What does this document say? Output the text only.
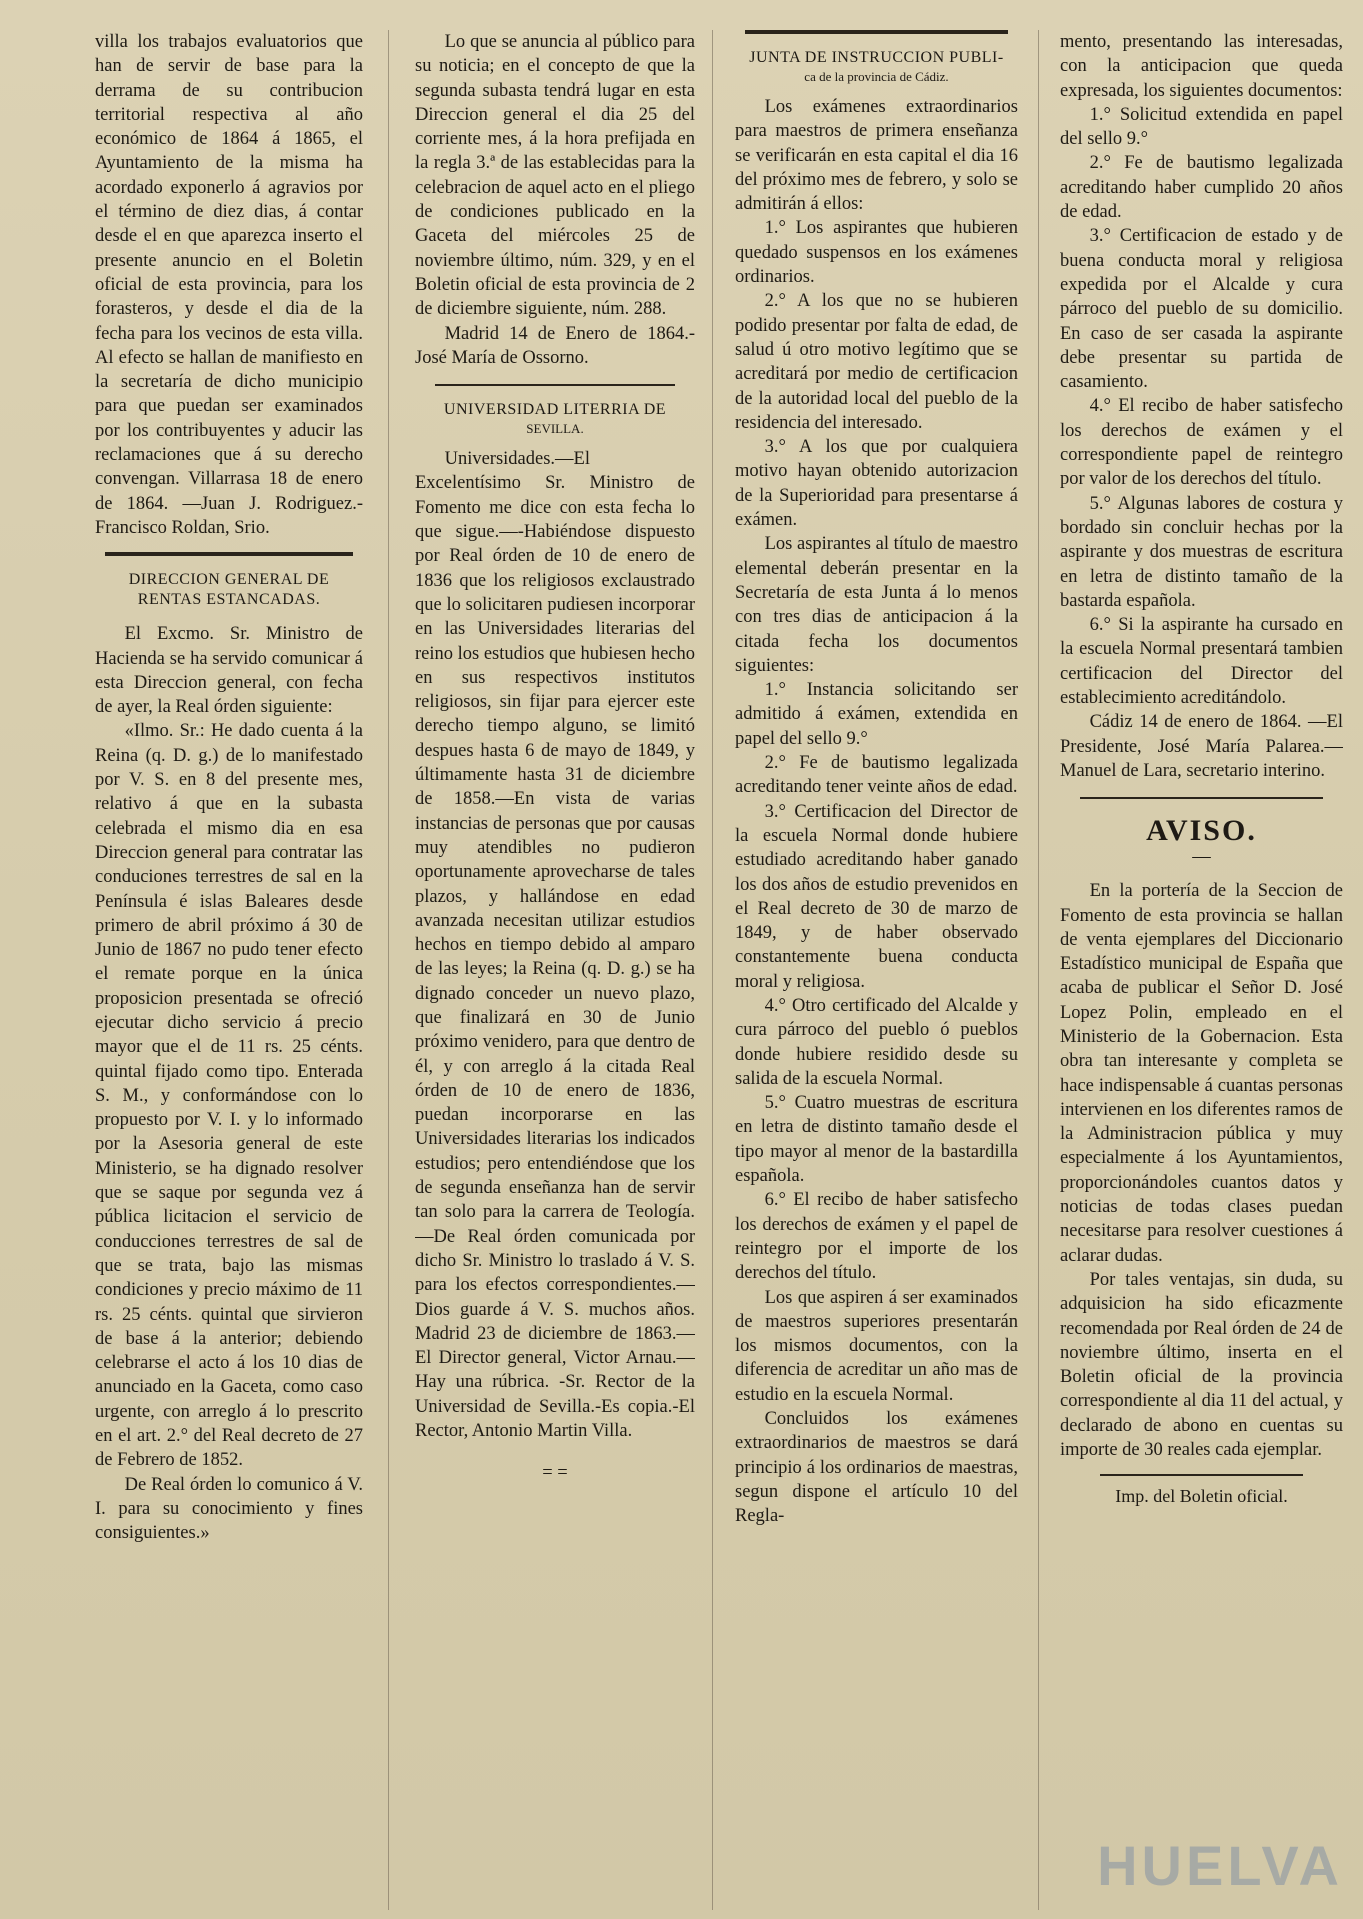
villa los trabajos evaluatorios que han de servir de base para la derrama de su contribucion territorial respectiva al año económico de 1864 á 1865, el Ayuntamiento de la misma ha acordado exponerlo á agravios por el término de diez dias, á contar desde el en que aparezca inserto el presente anuncio en el Boletin oficial de esta provincia, para los forasteros, y desde el dia de la fecha para los vecinos de esta villa. Al efecto se hallan de manifiesto en la secretaría de dicho municipio para que puedan ser examinados por los contribuyentes y aducir las reclamaciones que á su derecho convengan. Villarrasa 18 de enero de 1864. —Juan J. Rodriguez.-Francisco Roldan, Srio.

DIRECCION GENERAL DE RENTAS ESTANCADAS.

El Excmo. Sr. Ministro de Hacienda se ha servido comunicar á esta Direccion general, con fecha de ayer, la Real órden siguiente:

«Ilmo. Sr.: He dado cuenta á la Reina (q. D. g.) de lo manifestado por V. S. en 8 del presente mes, relativo á que en la subasta celebrada el mismo dia en esa Direccion general para contratar las conduciones terrestres de sal en la Península é islas Baleares desde primero de abril próximo á 30 de Junio de 1867 no pudo tener efecto el remate porque en la única proposicion presentada se ofreció ejecutar dicho servicio á precio mayor que el de 11 rs. 25 cénts. quintal fijado como tipo. Enterada S. M., y conformándose con lo propuesto por V. I. y lo informado por la Asesoria general de este Ministerio, se ha dignado resolver que se saque por segunda vez á pública licitacion el servicio de conducciones terrestres de sal de que se trata, bajo las mismas condiciones y precio máximo de 11 rs. 25 cénts. quintal que sirvieron de base á la anterior; debiendo celebrarse el acto á los 10 dias de anunciado en la Gaceta, como caso urgente, con arreglo á lo prescrito en el art. 2.° del Real decreto de 27 de Febrero de 1852.

De Real órden lo comunico á V. I. para su conocimiento y fines consiguientes.»

Lo que se anuncia al público para su noticia; en el concepto de que la segunda subasta tendrá lugar en esta Direccion general el dia 25 del corriente mes, á la hora prefijada en la regla 3.ª de las establecidas para la celebracion de aquel acto en el pliego de condiciones publicado en la Gaceta del miércoles 25 de noviembre último, núm. 329, y en el Boletin oficial de esta provincia de 2 de diciembre siguiente, núm. 288.

Madrid 14 de Enero de 1864.-José María de Ossorno.

UNIVERSIDAD LITERRIA DE
SEVILLA.

Universidades.—El Excelentísimo Sr. Ministro de Fomento me dice con esta fecha lo que sigue.—-Habiéndose dispuesto por Real órden de 10 de enero de 1836 que los religiosos exclaustrado que lo solicitaren pudiesen incorporar en las Universidades literarias del reino los estudios que hubiesen hecho en sus respectivos institutos religiosos, sin fijar para ejercer este derecho tiempo alguno, se limitó despues hasta 6 de mayo de 1849, y últimamente hasta 31 de diciembre de 1858.—En vista de varias instancias de personas que por causas muy atendibles no pudieron oportunamente aprovecharse de tales plazos, y hallándose en edad avanzada necesitan utilizar estudios hechos en tiempo debido al amparo de las leyes; la Reina (q. D. g.) se ha dignado conceder un nuevo plazo, que finalizará en 30 de Junio próximo venidero, para que dentro de él, y con arreglo á la citada Real órden de 10 de enero de 1836, puedan incorporarse en las Universidades literarias los indicados estudios; pero entendiéndose que los de segunda enseñanza han de servir tan solo para la carrera de Teología.—De Real órden comunicada por dicho Sr. Ministro lo traslado á V. S. para los efectos correspondientes.—Dios guarde á V. S. muchos años. Madrid 23 de diciembre de 1863.—El Director general, Victor Arnau.—Hay una rúbrica. -Sr. Rector de la Universidad de Sevilla.-Es copia.-El Rector, Antonio Martin Villa.

= =
JUNTA DE INSTRUCCION PUBLI-
ca de la provincia de Cádiz.

Los exámenes extraordinarios para maestros de primera enseñanza se verificarán en esta capital el dia 16 del próximo mes de febrero, y solo se admitirán á ellos:

1.° Los aspirantes que hubieren quedado suspensos en los exámenes ordinarios.

2.° A los que no se hubieren podido presentar por falta de edad, de salud ú otro motivo legítimo que se acreditará por medio de certificacion de la autoridad local del pueblo de la residencia del interesado.

3.° A los que por cualquiera motivo hayan obtenido autorizacion de la Superioridad para presentarse á exámen.

Los aspirantes al título de maestro elemental deberán presentar en la Secretaría de esta Junta á lo menos con tres dias de anticipacion á la citada fecha los documentos siguientes:

1.° Instancia solicitando ser admitido á exámen, extendida en papel del sello 9.°

2.° Fe de bautismo legalizada acreditando tener veinte años de edad.

3.° Certificacion del Director de la escuela Normal donde hubiere estudiado acreditando haber ganado los dos años de estudio prevenidos en el Real decreto de 30 de marzo de 1849, y de haber observado constantemente buena conducta moral y religiosa.

4.° Otro certificado del Alcalde y cura párroco del pueblo ó pueblos donde hubiere residido desde su salida de la escuela Normal.

5.° Cuatro muestras de escritura en letra de distinto tamaño desde el tipo mayor al menor de la bastardilla española.

6.° El recibo de haber satisfecho los derechos de exámen y el papel de reintegro por el importe de los derechos del título.

Los que aspiren á ser examinados de maestros superiores presentarán los mismos documentos, con la diferencia de acreditar un año mas de estudio en la escuela Normal.

Concluidos los exámenes extraordinarios de maestros se dará principio á los ordinarios de maestras, segun dispone el artículo 10 del Regla-

mento, presentando las interesadas, con la anticipacion que queda expresada, los siguientes documentos:

1.° Solicitud extendida en papel del sello 9.°

2.° Fe de bautismo legalizada acreditando haber cumplido 20 años de edad.

3.° Certificacion de estado y de buena conducta moral y religiosa expedida por el Alcalde y cura párroco del pueblo de su domicilio. En caso de ser casada la aspirante debe presentar su partida de casamiento.

4.° El recibo de haber satisfecho los derechos de exámen y el correspondiente papel de reintegro por valor de los derechos del título.

5.° Algunas labores de costura y bordado sin concluir hechas por la aspirante y dos muestras de escritura en letra de distinto tamaño de la bastarda española.

6.° Si la aspirante ha cursado en la escuela Normal presentará tambien certificacion del Director del establecimiento acreditándolo.

Cádiz 14 de enero de 1864. —El Presidente, José María Palarea.—Manuel de Lara, secretario interino.

AVISO.
—

En la portería de la Seccion de Fomento de esta provincia se hallan de venta ejemplares del Diccionario Estadístico municipal de España que acaba de publicar el Señor D. José Lopez Polin, empleado en el Ministerio de la Gobernacion. Esta obra tan interesante y completa se hace indispensable á cuantas personas intervienen en los diferentes ramos de la Administracion pública y muy especialmente á los Ayuntamientos, proporcionándoles cuantos datos y noticias de todas clases puedan necesitarse para resolver cuestiones á aclarar dudas.

Por tales ventajas, sin duda, su adquisicion ha sido eficazmente recomendada por Real órden de 24 de noviembre último, inserta en el Boletin oficial de la provincia correspondiente al dia 11 del actual, y declarado de abono en cuentas su importe de 30 reales cada ejemplar.

Imp. del Boletin oficial.
HUELVA
